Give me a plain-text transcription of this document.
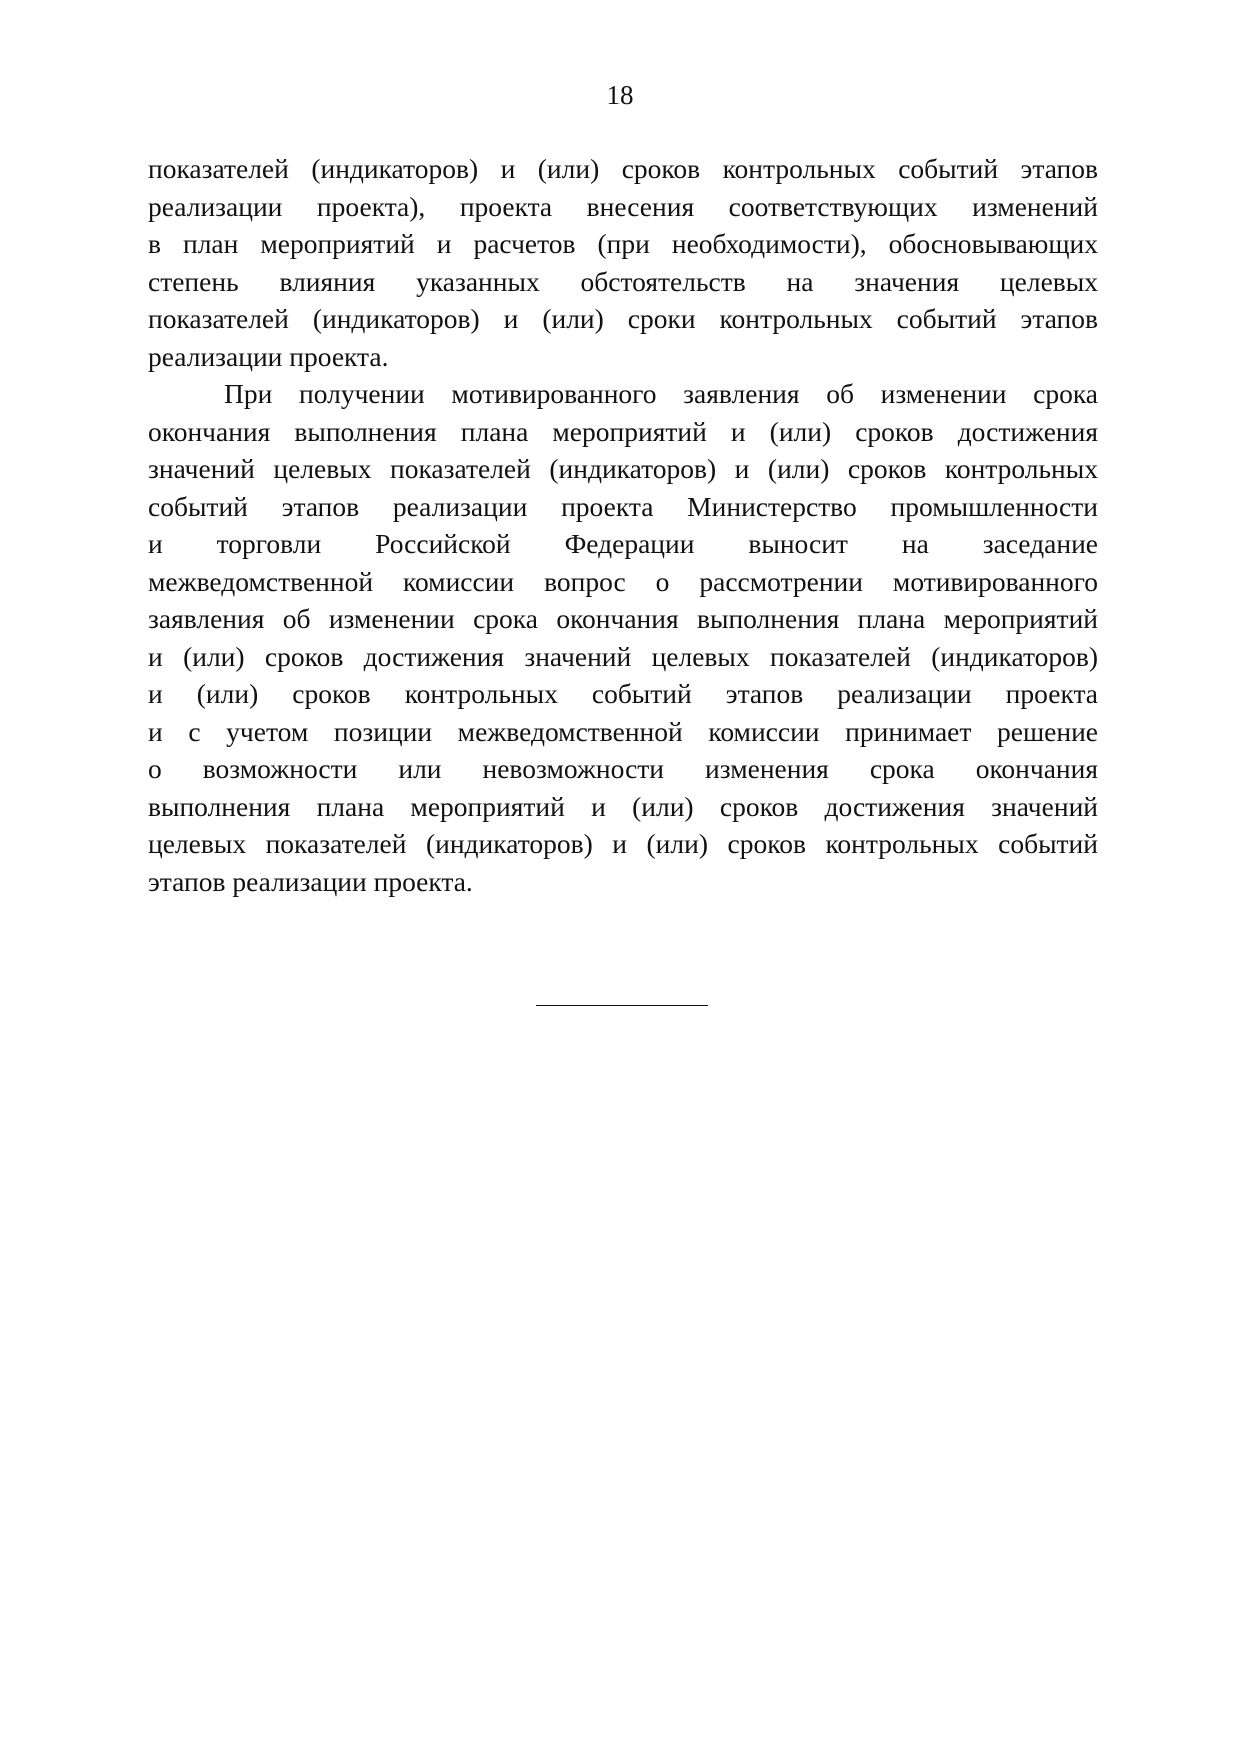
18
показателей (индикаторов) и (или) сроков контрольных событий этапов
реализации проекта), проекта внесения соответствующих изменений
в план мероприятий и расчетов (при необходимости), обосновывающих
степень влияния указанных обстоятельств на значения целевых
показателей (индикаторов) и (или) сроки контрольных событий этапов
реализации проекта.
При получении мотивированного заявления об изменении срока
окончания выполнения плана мероприятий и (или) сроков достижения
значений целевых показателей (индикаторов) и (или) сроков контрольных
событий этапов реализации проекта Министерство промышленности
и торговли Российской Федерации выносит на заседание
межведомственной комиссии вопрос о рассмотрении мотивированного
заявления об изменении срока окончания выполнения плана мероприятий
и (или) сроков достижения значений целевых показателей (индикаторов)
и (или) сроков контрольных событий этапов реализации проекта
и с учетом позиции межведомственной комиссии принимает решение
о возможности или невозможности изменения срока окончания
выполнения плана мероприятий и (или) сроков достижения значений
целевых показателей (индикаторов) и (или) сроков контрольных событий
этапов реализации проекта.
